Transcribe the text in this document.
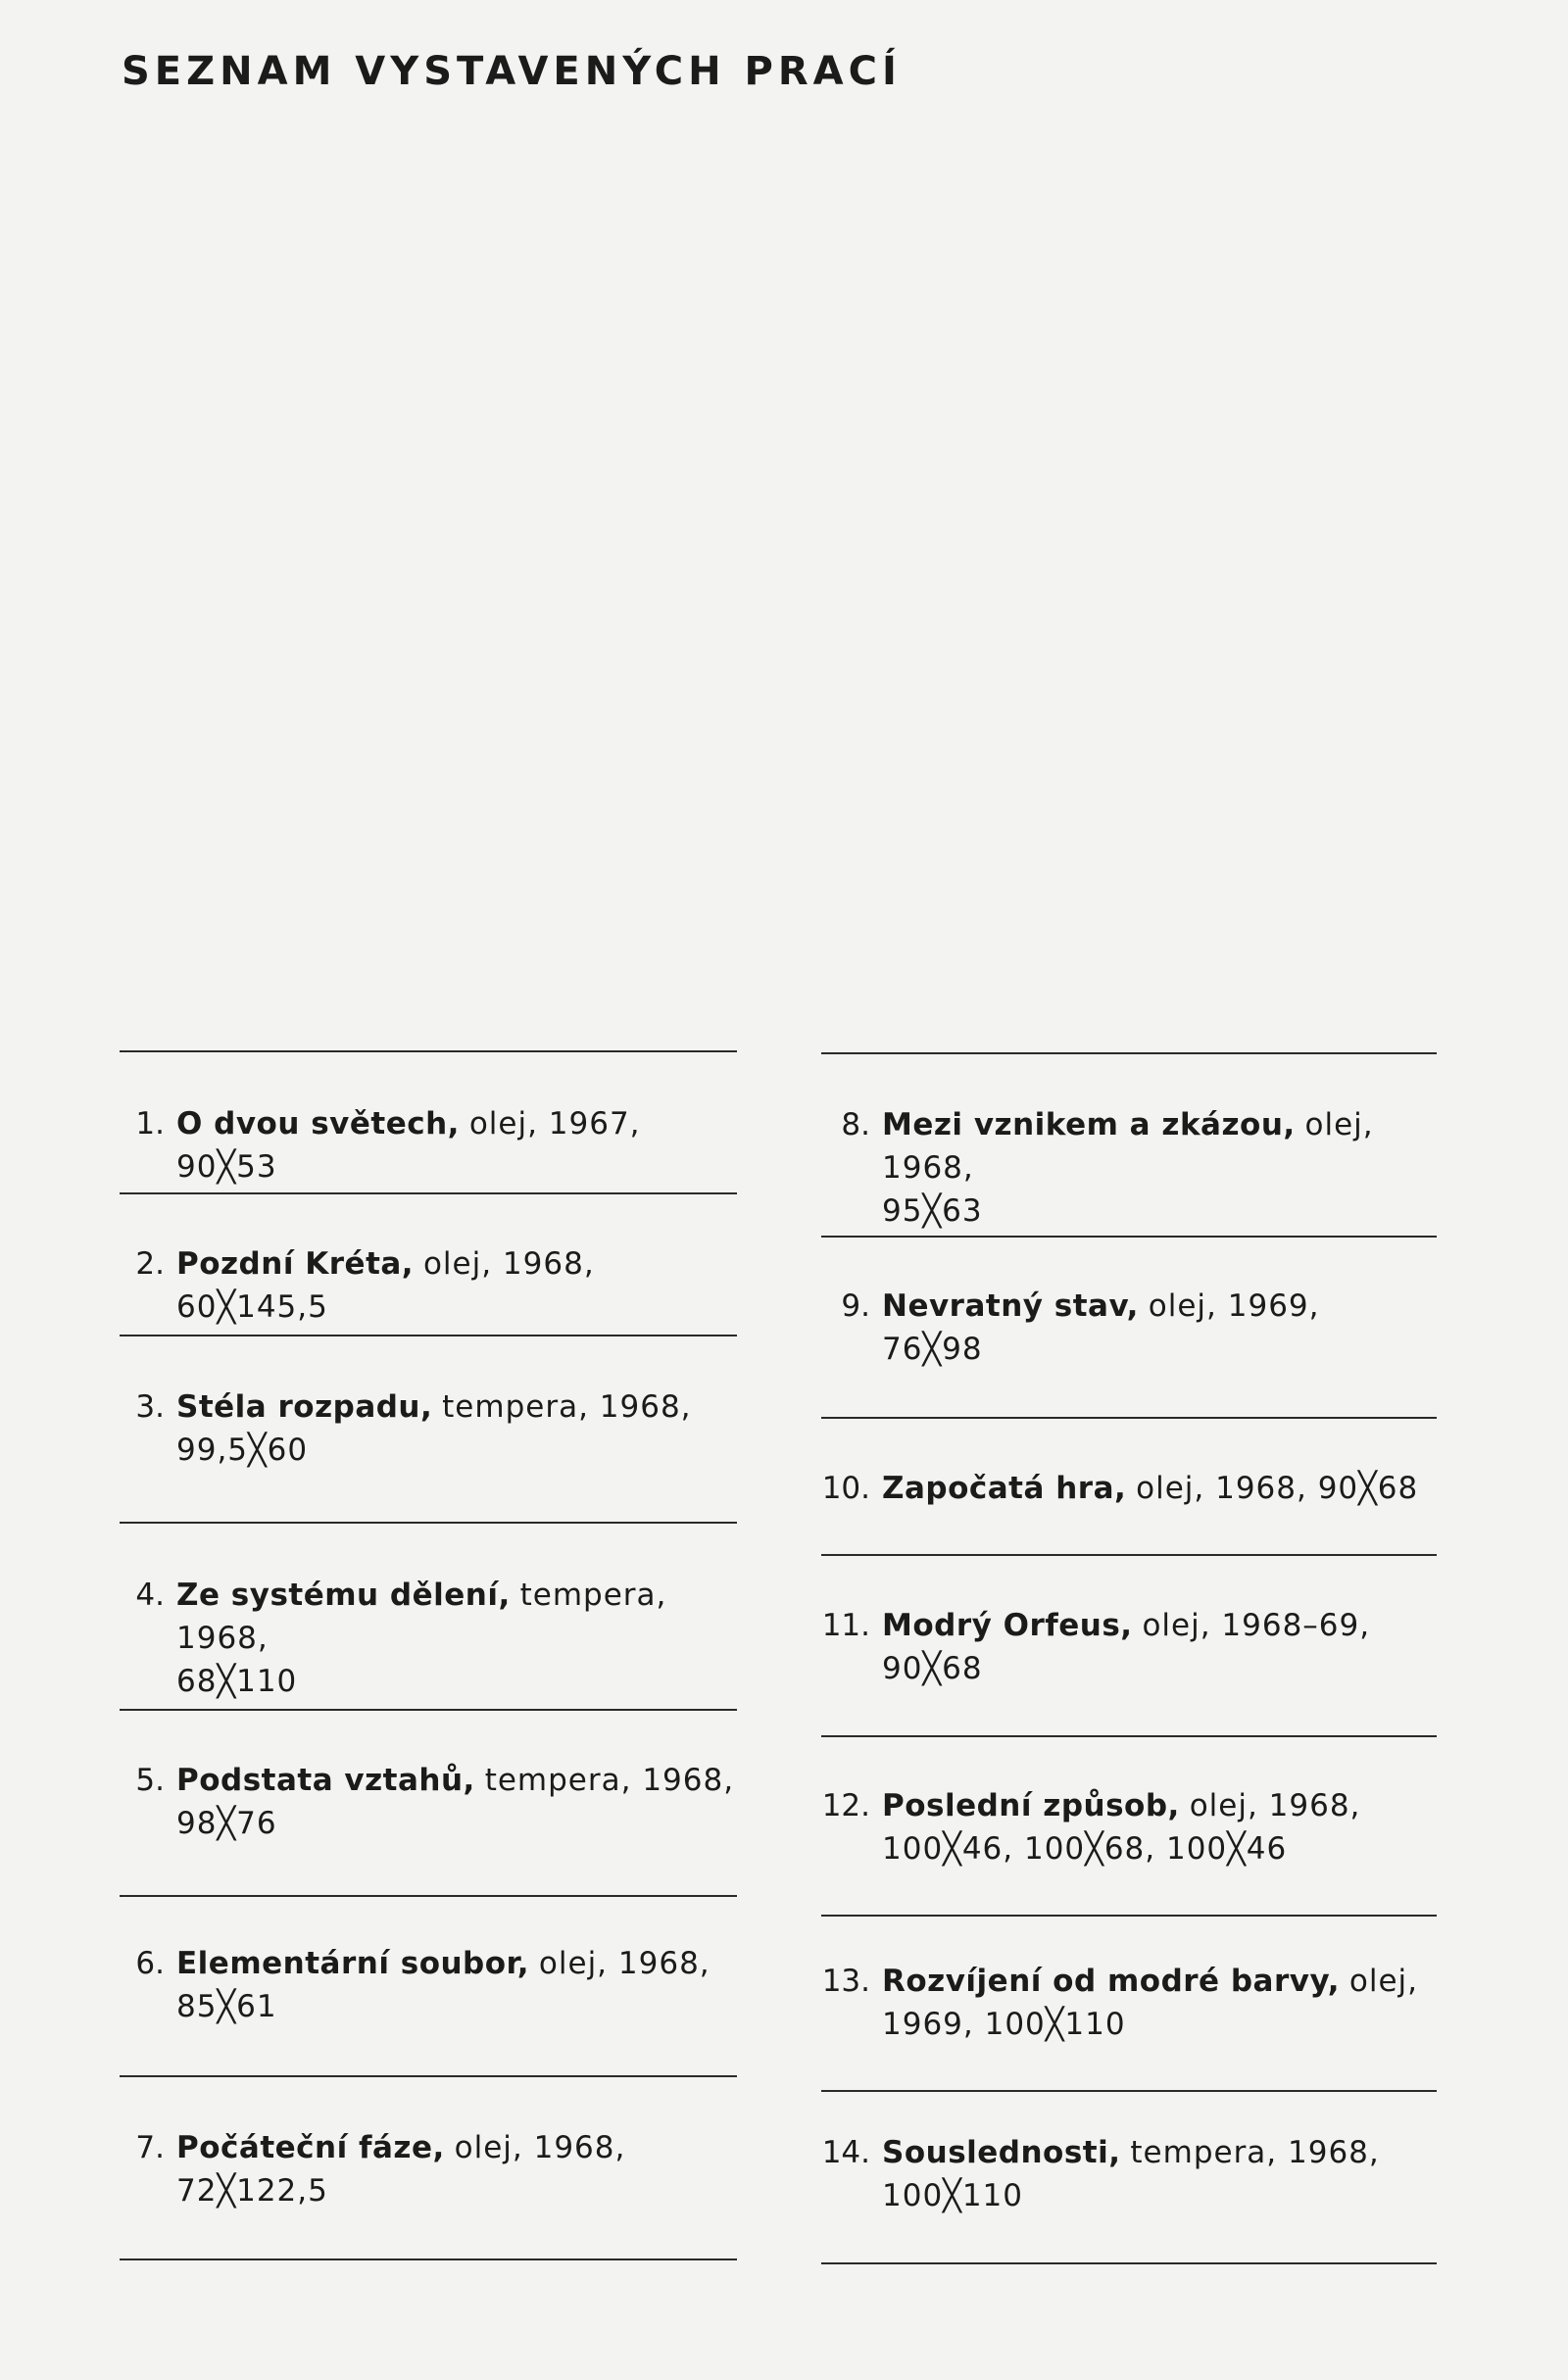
SEZNAM VYSTAVENÝCH PRACÍ
1. O dvou světech, olej, 1967, 90╳53
2. Pozdní Kréta, olej, 1968, 60╳145,5
3. Stéla rozpadu, tempera, 1968,
99,5╳60
4. Ze systému dělení, tempera, 1968,
68╳110
5. Podstata vztahů, tempera, 1968,
98╳76
6. Elementární soubor, olej, 1968,
85╳61
7. Počáteční fáze, olej, 1968,
72╳122,5
8. Mezi vznikem a zkázou, olej, 1968,
95╳63
9. Nevratný stav, olej, 1969,
76╳98
10. Započatá hra, olej, 1968, 90╳68
11. Modrý Orfeus, olej, 1968–69,
90╳68
12. Poslední způsob, olej, 1968,
100╳46, 100╳68, 100╳46
13. Rozvíjení od modré barvy, olej,
1969, 100╳110
14. Souslednosti, tempera, 1968,
100╳110
